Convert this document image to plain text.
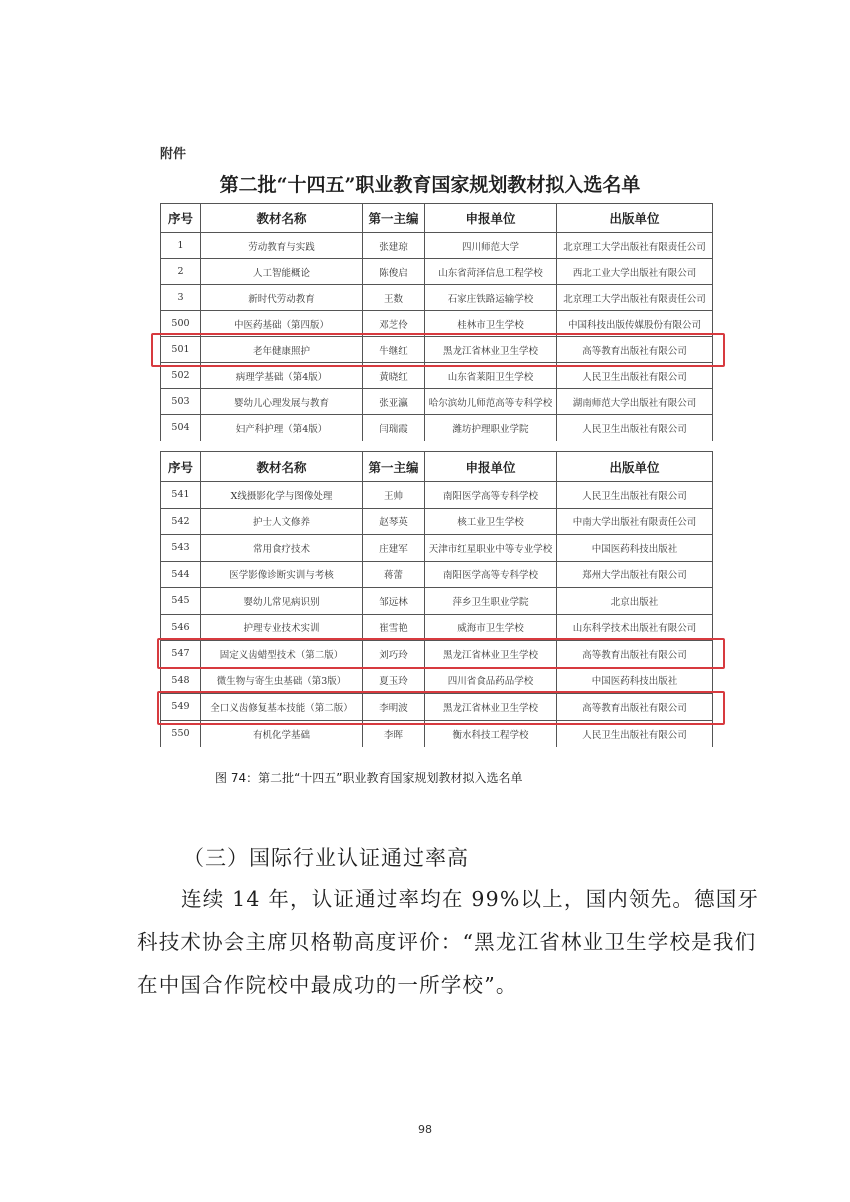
附件
第二批“十四五”职业教育国家规划教材拟入选名单
序号	教材名称	第一主编	申报单位	出版单位
1	劳动教育与实践	张建琼	四川师范大学	北京理工大学出版社有限责任公司
2	人工智能概论	陈俊启	山东省菏泽信息工程学校	西北工业大学出版社有限公司
3	新时代劳动教育	王数	石家庄铁路运输学校	北京理工大学出版社有限责任公司
500	中医药基础（第四版）	邓芝伶	桂林市卫生学校	中国科技出版传媒股份有限公司
501	老年健康照护	牛继红	黑龙江省林业卫生学校	高等教育出版社有限公司
502	病理学基础（第4版）	黄晓红	山东省莱阳卫生学校	人民卫生出版社有限公司
503	婴幼儿心理发展与教育	张亚瀛	哈尔滨幼儿师范高等专科学校	湖南师范大学出版社有限公司
504	妇产科护理（第4版）	闫瑞霞	潍坊护理职业学院	人民卫生出版社有限公司
序号	教材名称	第一主编	申报单位	出版单位
541	X线摄影化学与图像处理	王帅	南阳医学高等专科学校	人民卫生出版社有限公司
542	护士人文修养	赵琴英	核工业卫生学校	中南大学出版社有限责任公司
543	常用食疗技术	庄建军	天津市红星职业中等专业学校	中国医药科技出版社
544	医学影像诊断实训与考核	蒋蕾	南阳医学高等专科学校	郑州大学出版社有限公司
545	婴幼儿常见病识别	邹远林	萍乡卫生职业学院	北京出版社
546	护理专业技术实训	崔雪艳	威海市卫生学校	山东科学技术出版社有限公司
547	固定义齿蜡型技术（第二版）	刘巧玲	黑龙江省林业卫生学校	高等教育出版社有限公司
548	微生物与寄生虫基础（第3版）	夏玉玲	四川省食品药品学校	中国医药科技出版社
549	全口义齿修复基本技能（第二版）	李明波	黑龙江省林业卫生学校	高等教育出版社有限公司
550	有机化学基础	李晖	衡水科技工程学校	人民卫生出版社有限公司
图 74：第二批“十四五”职业教育国家规划教材拟入选名单
（三）国际行业认证通过率高
连续 14 年，认证通过率均在 99%以上，国内领先。德国牙科技术协会主席贝格勒高度评价：“黑龙江省林业卫生学校是我们在中国合作院校中最成功的一所学校”。
98
